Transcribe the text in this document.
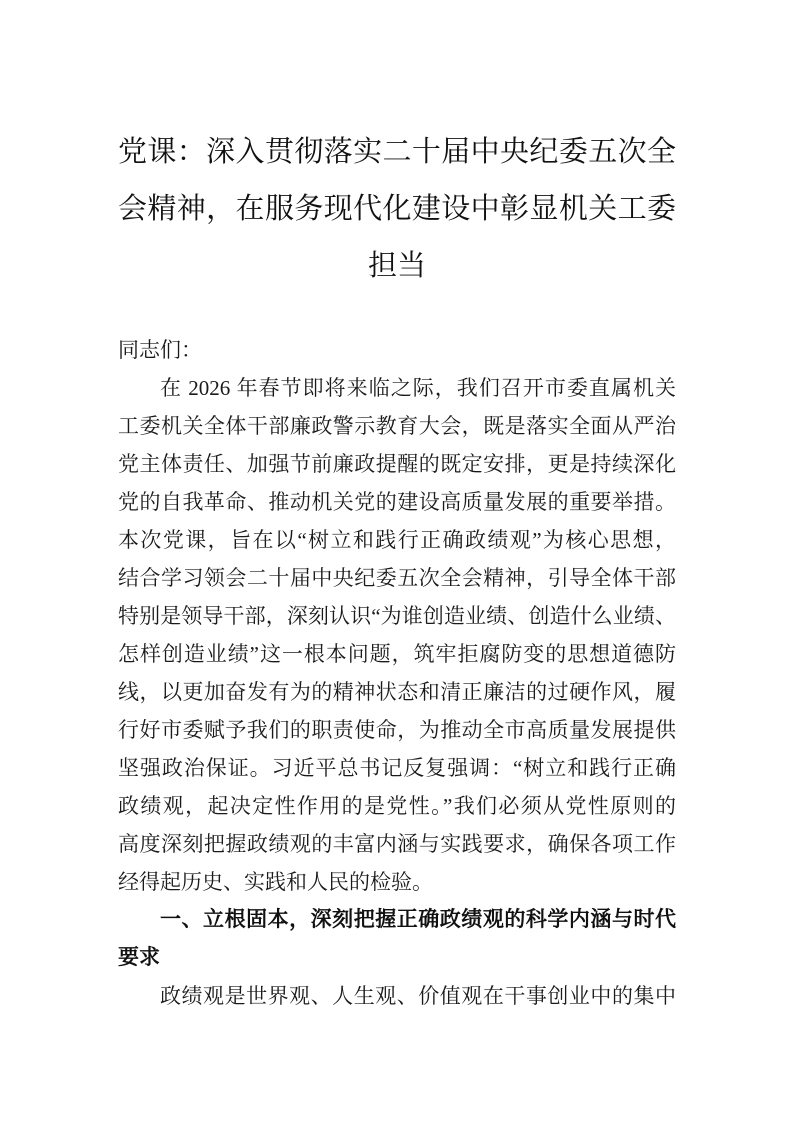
党课：深入贯彻落实二十届中央纪委五次全
会精神，在服务现代化建设中彰显机关工委
担当
同志们：
在 2026 年春节即将来临之际，我们召开市委直属机关
工委机关全体干部廉政警示教育大会，既是落实全面从严治
党主体责任、加强节前廉政提醒的既定安排，更是持续深化
党的自我革命、推动机关党的建设高质量发展的重要举措。
本次党课，旨在以“树立和践行正确政绩观”为核心思想，
结合学习领会二十届中央纪委五次全会精神，引导全体干部
特别是领导干部，深刻认识“为谁创造业绩、创造什么业绩、
怎样创造业绩”这一根本问题，筑牢拒腐防变的思想道德防
线，以更加奋发有为的精神状态和清正廉洁的过硬作风，履
行好市委赋予我们的职责使命，为推动全市高质量发展提供
坚强政治保证。习近平总书记反复强调：“树立和践行正确
政绩观，起决定性作用的是党性。”我们必须从党性原则的
高度深刻把握政绩观的丰富内涵与实践要求，确保各项工作
经得起历史、实践和人民的检验。
一、立根固本，深刻把握正确政绩观的科学内涵与时代
要求
政绩观是世界观、人生观、价值观在干事创业中的集中
